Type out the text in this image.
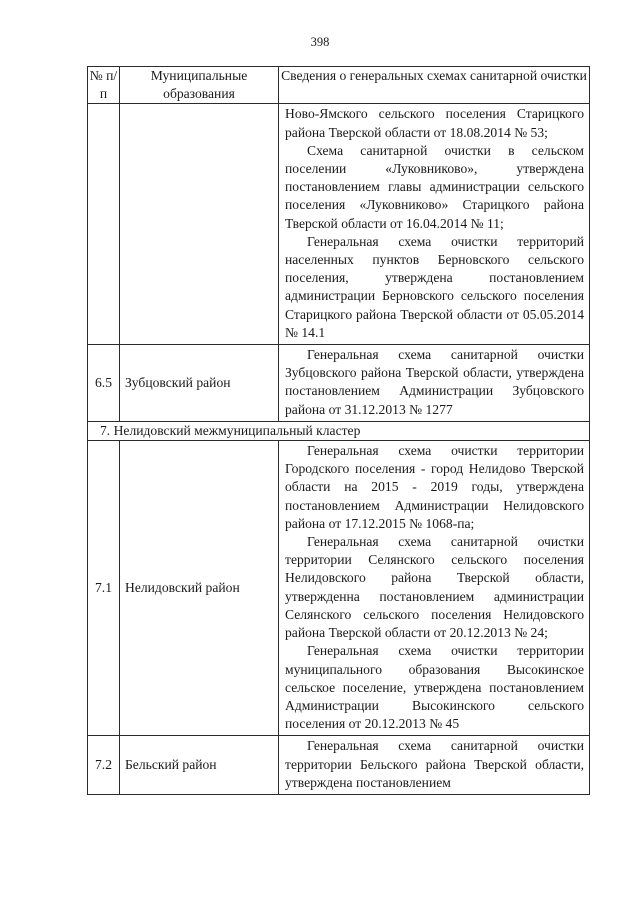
398
№ п/п	Муниципальные образования	Сведения о генеральных схемах санитарной очистки

		Ново-Ямского сельского поселения Старицкого района Тверской области от 18.08.2014 № 53;

Схема санитарной очистки в сельском поселении «Луковниково», утверждена постановлением главы администрации сельского поселения «Луковниково» Старицкого района Тверской области от 16.04.2014 № 11;

Генеральная схема очистки территорий населенных пунктов Берновского сельского поселения, утверждена постановлением администрации Берновского сельского поселения Старицкого района Тверской области от 05.05.2014 № 14.1

6.5	Зубцовский район	Генеральная схема санитарной очистки Зубцовского района Тверской области, утверждена постановлением Администрации Зубцовского района от 31.12.2013 № 1277

7. Нелидовский межмуниципальный кластер		
7.1	Нелидовский район	Генеральная схема очистки территории Городского поселения - город Нелидово Тверской области на 2015 - 2019 годы, утверждена постановлением Администрации Нелидовского района от 17.12.2015 № 1068-па;

Генеральная схема санитарной очистки территории Селянского сельского поселения Нелидовского района Тверской области, утвержденна постановлением администрации Селянского сельского поселения Нелидовского района Тверской области от 20.12.2013 № 24;

Генеральная схема очистки территории муниципального образования Высокинское сельское поселение, утверждена постановлением Администрации Высокинского сельского поселения от 20.12.2013 № 45

7.2	Бельский район	Генеральная схема санитарной очистки территории Бельского района Тверской области, утверждена постановлением
